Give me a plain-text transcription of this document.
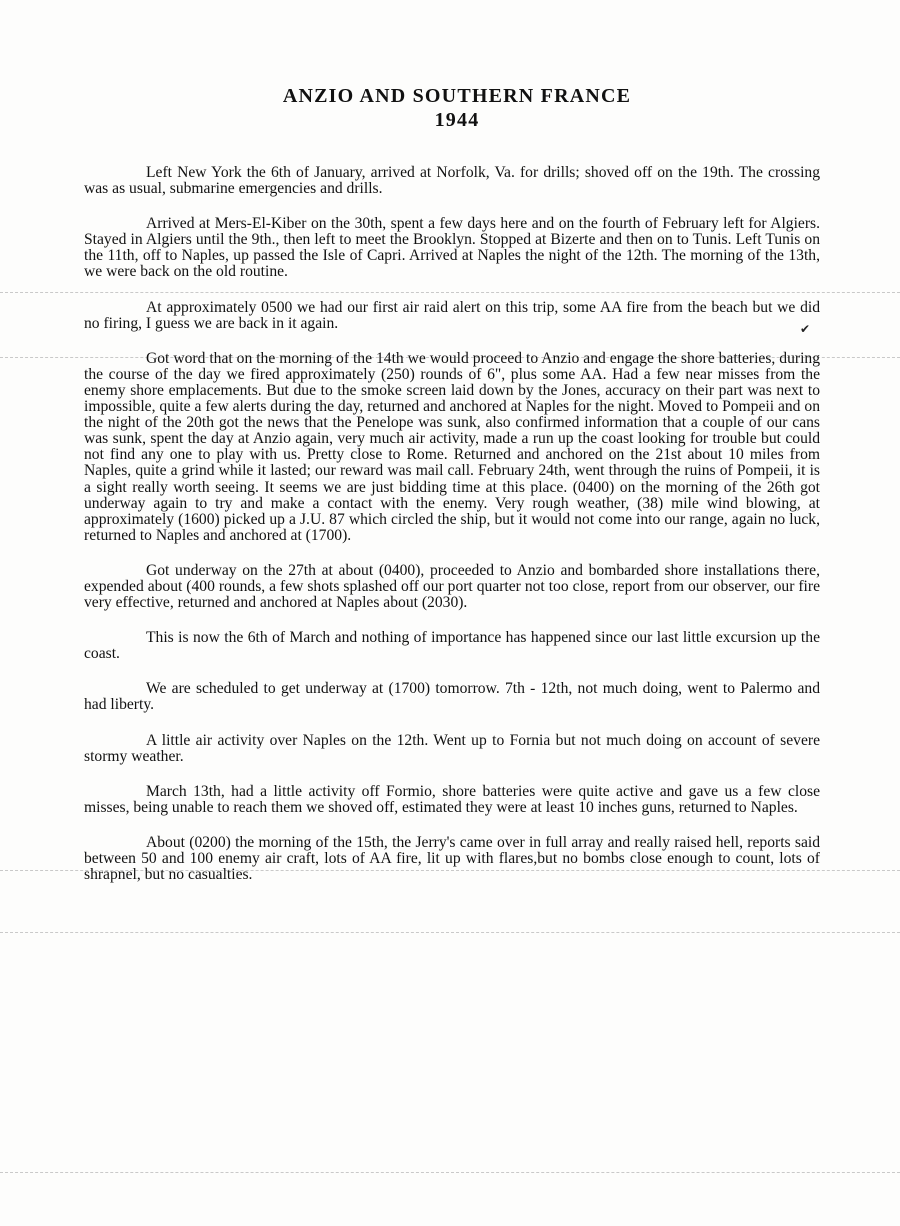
ANZIO AND SOUTHERN FRANCE

1944

✔

Left New York the 6th of January, arrived at Norfolk, Va. for drills; shoved off on the 19th. The crossing was as usual, submarine emergencies and drills.

Arrived at Mers-El-Kiber on the 30th, spent a few days here and on the fourth of February left for Algiers. Stayed in Algiers until the 9th., then left to meet the Brooklyn. Stopped at Bizerte and then on to Tunis. Left Tunis on the 11th, off to Naples, up passed the Isle of Capri. Arrived at Naples the night of the 12th. The morning of the 13th, we were back on the old routine.

At approximately 0500 we had our first air raid alert on this trip, some AA fire from the beach but we did no firing, I guess we are back in it again.

Got word that on the morning of the 14th we would proceed to Anzio and engage the shore batteries, during the course of the day we fired approximately (250) rounds of 6", plus some AA. Had a few near misses from the enemy shore emplacements. But due to the smoke screen laid down by the Jones, accuracy on their part was next to impossible, quite a few alerts during the day, returned and anchored at Naples for the night. Moved to Pompeii and on the night of the 20th got the news that the Penelope was sunk, also confirmed information that a couple of our cans was sunk, spent the day at Anzio again, very much air activity, made a run up the coast looking for trouble but could not find any one to play with us. Pretty close to Rome. Returned and anchored on the 21st about 10 miles from Naples, quite a grind while it lasted; our reward was mail call. February 24th, went through the ruins of Pompeii, it is a sight really worth seeing. It seems we are just bidding time at this place. (0400) on the morning of the 26th got underway again to try and make a contact with the enemy. Very rough weather, (38) mile wind blowing, at approximately (1600) picked up a J.U. 87 which circled the ship, but it would not come into our range, again no luck, returned to Naples and anchored at (1700).

Got underway on the 27th at about (0400), proceeded to Anzio and bombarded shore installations there, expended about (400 rounds, a few shots splashed off our port quarter not too close, report from our observer, our fire very effective, returned and anchored at Naples about (2030).

This is now the 6th of March and nothing of importance has happened since our last little excursion up the coast.

We are scheduled to get underway at (1700) tomorrow. 7th - 12th, not much doing, went to Palermo and had liberty.

A little air activity over Naples on the 12th. Went up to Fornia but not much doing on account of severe stormy weather.

March 13th, had a little activity off Formio, shore batteries were quite active and gave us a few close misses, being unable to reach them we shoved off, estimated they were at least 10 inches guns, returned to Naples.

About (0200) the morning of the 15th, the Jerry's came over in full array and really raised hell, reports said between 50 and 100 enemy air craft, lots of AA fire, lit up with flares,but no bombs close enough to count, lots of shrapnel, but no casualties.
